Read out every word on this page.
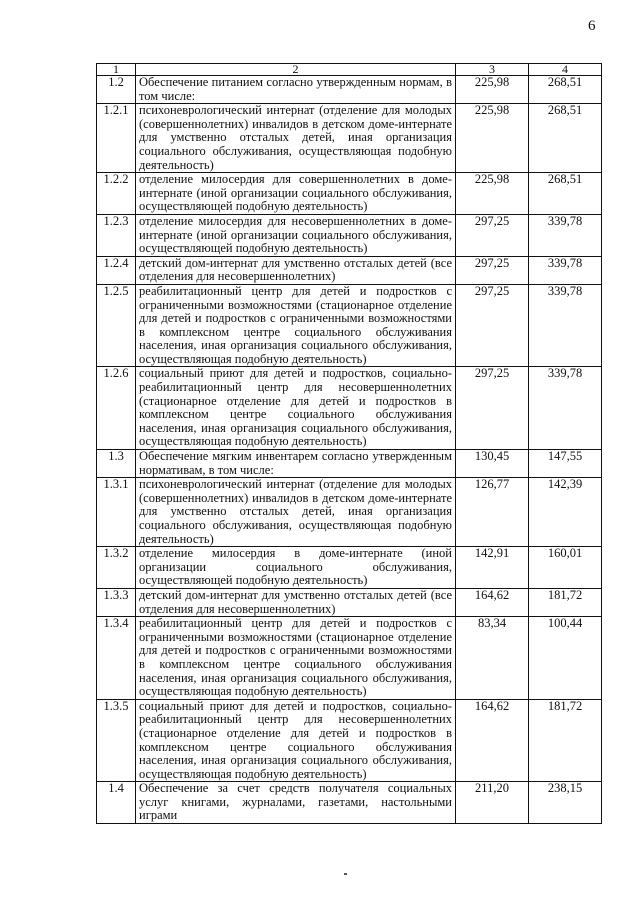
6
1	2	3	4
1.2	Обеспечение питанием согласно утвержденным нормам, в том числе:	225,98	268,51
1.2.1	психоневрологический интернат (отделение для молодых (совершеннолетних) инвалидов в детском доме-интернате для умственно отсталых детей, иная организация социального обслуживания, осуществляющая подобную деятельность)	225,98	268,51
1.2.2	отделение милосердия для совершеннолетних в доме-интернате (иной организации социального обслуживания, осуществляющей подобную деятельность)	225,98	268,51
1.2.3	отделение милосердия для несовершеннолетних в доме-интернате (иной организации социального обслуживания, осуществляющей подобную деятельность)	297,25	339,78
1.2.4	детский дом-интернат для умственно отсталых детей (все отделения для несовершеннолетних)	297,25	339,78
1.2.5	реабилитационный центр для детей и подростков с ограниченными возможностями (стационарное отделение для детей и подростков с ограниченными возможностями в комплексном центре социального обслуживания населения, иная организация социального обслуживания, осуществляющая подобную деятельность)	297,25	339,78
1.2.6	социальный приют для детей и подростков, социально-реабилитационный центр для несовершеннолетних (стационарное отделение для детей и подростков в комплексном центре социального обслуживания населения, иная организация социального обслуживания, осуществляющая подобную деятельность)	297,25	339,78
1.3	Обеспечение мягким инвентарем согласно утвержденным нормативам, в том числе:	130,45	147,55
1.3.1	психоневрологический интернат (отделение для молодых (совершеннолетних) инвалидов в детском доме-интернате для умственно отсталых детей, иная организация социального обслуживания, осуществляющая подобную деятельность)	126,77	142,39
1.3.2	отделение милосердия в доме-интернате (иной организации социального обслуживания, осуществляющей подобную деятельность)	142,91	160,01
1.3.3	детский дом-интернат для умственно отсталых детей (все отделения для несовершеннолетних)	164,62	181,72
1.3.4	реабилитационный центр для детей и подростков с ограниченными возможностями (стационарное отделение для детей и подростков с ограниченными возможностями в комплексном центре социального обслуживания населения, иная организация социального обслуживания, осуществляющая подобную деятельность)	83,34	100,44
1.3.5	социальный приют для детей и подростков, социально-реабилитационный центр для несовершеннолетних (стационарное отделение для детей и подростков в комплексном центре социального обслуживания населения, иная организация социального обслуживания, осуществляющая подобную деятельность)	164,62	181,72
1.4	Обеспечение за счет средств получателя социальных услуг книгами, журналами, газетами, настольными играми	211,20	238,15
